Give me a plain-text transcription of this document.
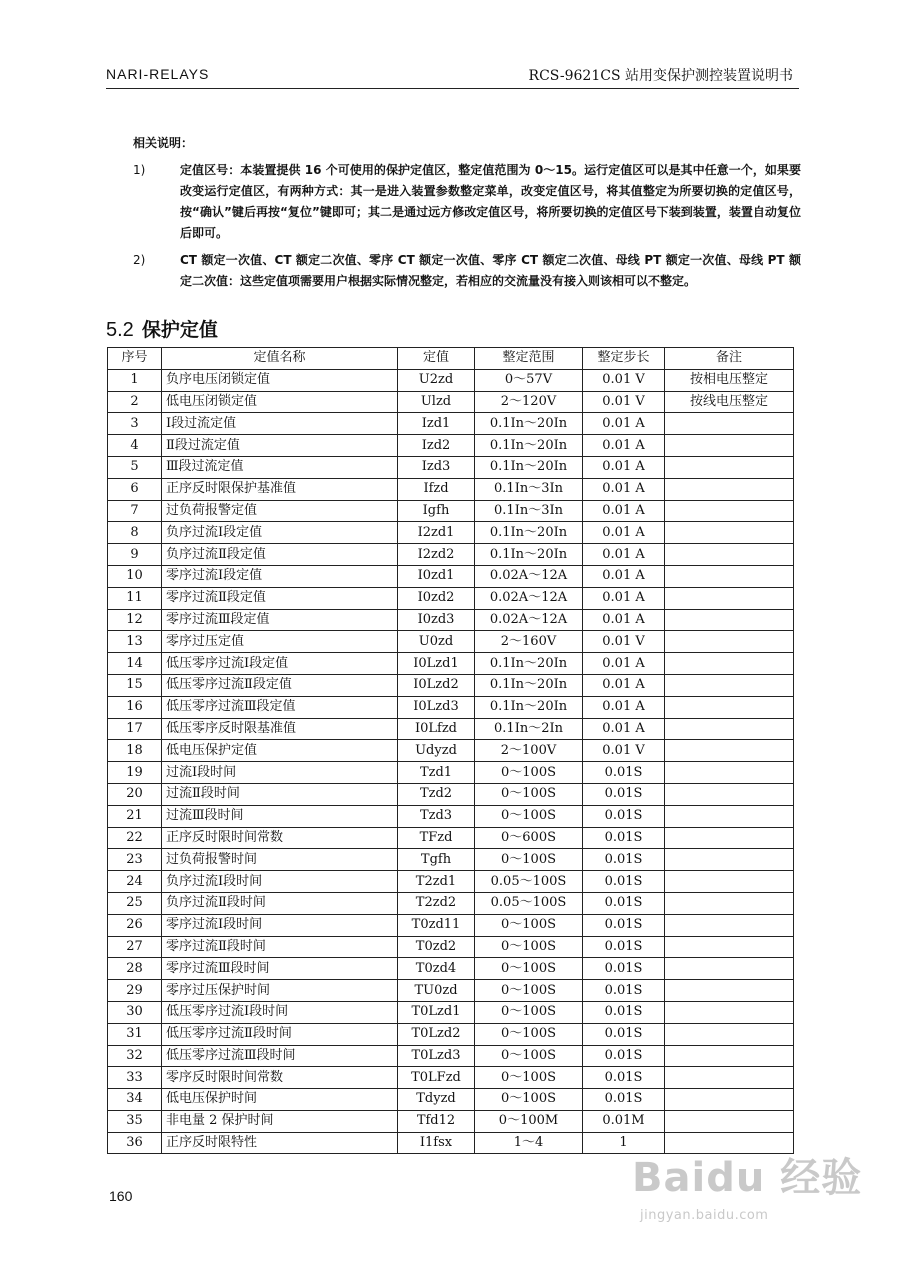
NARI-RELAYS	RCS-9621CS 站用变保护测控装置说明书
相关说明：
1)	定值区号：本装置提供 16 个可使用的保护定值区，整定值范围为 0～15。运行定值区可以是其中任意一个，如果要改变运行定值区，有两种方式：其一是进入装置参数整定菜单，改变定值区号，将其值整定为所要切换的定值区号，按“确认”键后再按“复位”键即可；其二是通过远方修改定值区号，将所要切换的定值区号下装到装置，装置自动复位后即可。
2)	CT 额定一次值、CT 额定二次值、零序 CT 额定一次值、零序 CT 额定二次值、母线 PT 额定一次值、母线 PT 额定二次值：这些定值项需要用户根据实际情况整定，若相应的交流量没有接入则该相可以不整定。
5.2 保护定值
序号	定值名称	定值	整定范围	整定步长	备注
1	负序电压闭锁定值	U2zd	0～57V	0.01 V	按相电压整定
2	低电压闭锁定值	Ulzd	2～120V	0.01 V	按线电压整定
3	Ⅰ段过流定值	Izd1	0.1In～20In	0.01 A	
4	Ⅱ段过流定值	Izd2	0.1In～20In	0.01 A	
5	Ⅲ段过流定值	Izd3	0.1In～20In	0.01 A	
6	正序反时限保护基准值	Ifzd	0.1In～3In	0.01 A	
7	过负荷报警定值	Igfh	0.1In～3In	0.01 A	
8	负序过流Ⅰ段定值	I2zd1	0.1In～20In	0.01 A	
9	负序过流Ⅱ段定值	I2zd2	0.1In～20In	0.01 A	
10	零序过流Ⅰ段定值	I0zd1	0.02A～12A	0.01 A	
11	零序过流Ⅱ段定值	I0zd2	0.02A～12A	0.01 A	
12	零序过流Ⅲ段定值	I0zd3	0.02A～12A	0.01 A	
13	零序过压定值	U0zd	2～160V	0.01 V	
14	低压零序过流Ⅰ段定值	I0Lzd1	0.1In～20In	0.01 A	
15	低压零序过流Ⅱ段定值	I0Lzd2	0.1In～20In	0.01 A	
16	低压零序过流Ⅲ段定值	I0Lzd3	0.1In～20In	0.01 A	
17	低压零序反时限基准值	I0Lfzd	0.1In～2In	0.01 A	
18	低电压保护定值	Udyzd	2～100V	0.01 V	
19	过流Ⅰ段时间	Tzd1	0～100S	0.01S	
20	过流Ⅱ段时间	Tzd2	0～100S	0.01S	
21	过流Ⅲ段时间	Tzd3	0～100S	0.01S	
22	正序反时限时间常数	TFzd	0～600S	0.01S	
23	过负荷报警时间	Tgfh	0～100S	0.01S	
24	负序过流Ⅰ段时间	T2zd1	0.05～100S	0.01S	
25	负序过流Ⅱ段时间	T2zd2	0.05～100S	0.01S	
26	零序过流Ⅰ段时间	T0zd11	0～100S	0.01S	
27	零序过流Ⅱ段时间	T0zd2	0～100S	0.01S	
28	零序过流Ⅲ段时间	T0zd4	0～100S	0.01S	
29	零序过压保护时间	TU0zd	0～100S	0.01S	
30	低压零序过流Ⅰ段时间	T0Lzd1	0～100S	0.01S	
31	低压零序过流Ⅱ段时间	T0Lzd2	0～100S	0.01S	
32	低压零序过流Ⅲ段时间	T0Lzd3	0～100S	0.01S	
33	零序反时限时间常数	T0LFzd	0～100S	0.01S	
34	低电压保护时间	Tdyzd	0～100S	0.01S	
35	非电量 2 保护时间	Tfd12	0～100M	0.01M	
36	正序反时限特性	I1fsx	1～4	1	
160	Baidu 经验
jingyan.baidu.com
